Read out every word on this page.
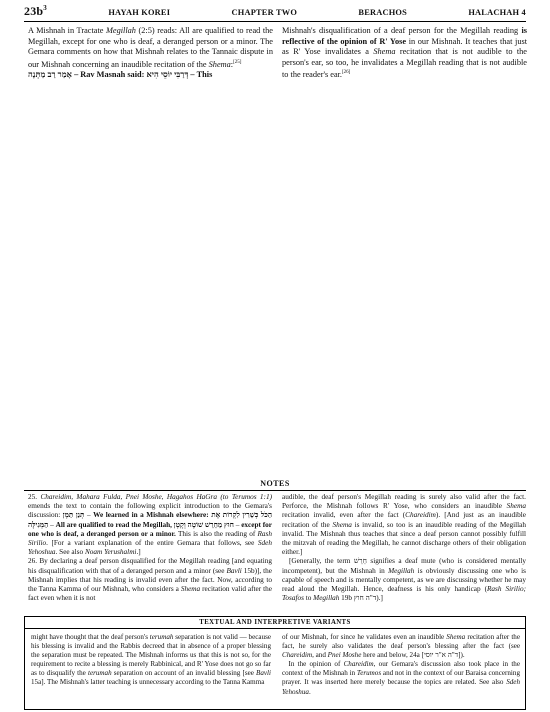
$23b^3$	HAYAH KOREI	CHAPTER TWO	BERACHOS	HALACHAH 4

A Mishnah in Tractate Megillah (2:5) reads: All are qualified to read the Megillah, except for one who is deaf, a deranged person or a minor. The Gemara comments on how that Mishnah relates to the Tannaic dispute in our Mishnah concerning an inaudible recitation of the Shema:[25]

אָמַר רַב מַתְּנָה – Rav Masnah said: דְּרַבִּי יוֹסֵי הִיא – This

Mishnah's disqualification of a deaf person for the Megillah reading is reflective of the opinion of R' Yose in our Mishnah. It teaches that just as R' Yose invalidates a Shema recitation that is not audible to the person's ear, so too, he invalidates a Megillah reading that is not audible to the reader's ear.[26]

NOTES

25. Chareidim, Mahara Fulda, Pnei Moshe, Hagahos HaGra (to Terumos 1:1) emends the text to contain the following explicit introduction to the Gemara's discussion: תְּנַן תַּמָּן – We learned in a Mishnah elsewhere: הַכֹּל כְּשֵׁרִין לִקְרוֹת אֶת הַמְּגִילָּה – All are qualified to read the Megillah, חוּץ מֵחֵרֵשׁ שׁוֹטֶה וְקָטָן – except for one who is deaf, a deranged person or a minor. This is also the reading of Rash Sirilio. [For a variant explanation of the entire Gemara that follows, see Sdeh Yehoshua. See also Noam Yerushalmi.]

26. By declaring a deaf person disqualified for the Megillah reading [and equating his disqualification with that of a deranged person and a minor (see Bavli 15b)], the Mishnah implies that his reading is invalid even after the fact. Now, according to the Tanna Kamma of our Mishnah, who considers a Shema recitation valid after the fact even when it is not

audible, the deaf person's Megillah reading is surely also valid after the fact. Perforce, the Mishnah follows R' Yose, who considers an inaudible Shema recitation invalid, even after the fact (Chareidim). [And just as an inaudible recitation of the Shema is invalid, so too is an inaudible reading of the Megillah invalid. The Mishnah thus teaches that since a deaf person cannot possibly fulfill the mitzvah of reading the Megillah, he cannot discharge others of their obligation either.]

[Generally, the term חֵרֵשׁ signifies a deaf mute (who is considered mentally incompetent), but the Mishnah in Megillah is obviously discussing one who is capable of speech and is mentally competent, as we are discussing whether he may read aloud the Megillah. Hence, deafness is his only handicap (Rash Sirilio; Tosafos to Megillah 19b ד"ה חוץ).]

TEXTUAL AND INTERPRETIVE VARIANTS

might have thought that the deaf person's terumah separation is not valid — because his blessing is invalid and the Rabbis decreed that in absence of a proper blessing the separation must be repeated. The Mishnah informs us that this is not so, for the requirement to recite a blessing is merely Rabbinical, and R' Yose does not go so far as to disqualify the terumah separation on account of an invalid blessing [see Bavli 15a]. The Mishnah's latter teaching is unnecessary according to the Tanna Kamma

of our Mishnah, for since he validates even an inaudible Shema recitation after the fact, he surely also validates the deaf person's blessing after the fact (see Chareidim, and Pnei Moshe here and below, 24a [ד"ה א"ר יוסי]).

In the opinion of Chareidim, our Gemara's discussion also took place in the context of the Mishnah in Terumos and not in the context of our Baraisa concerning prayer. It was inserted here merely because the topics are related. See also Sdeh Yehoshua.
